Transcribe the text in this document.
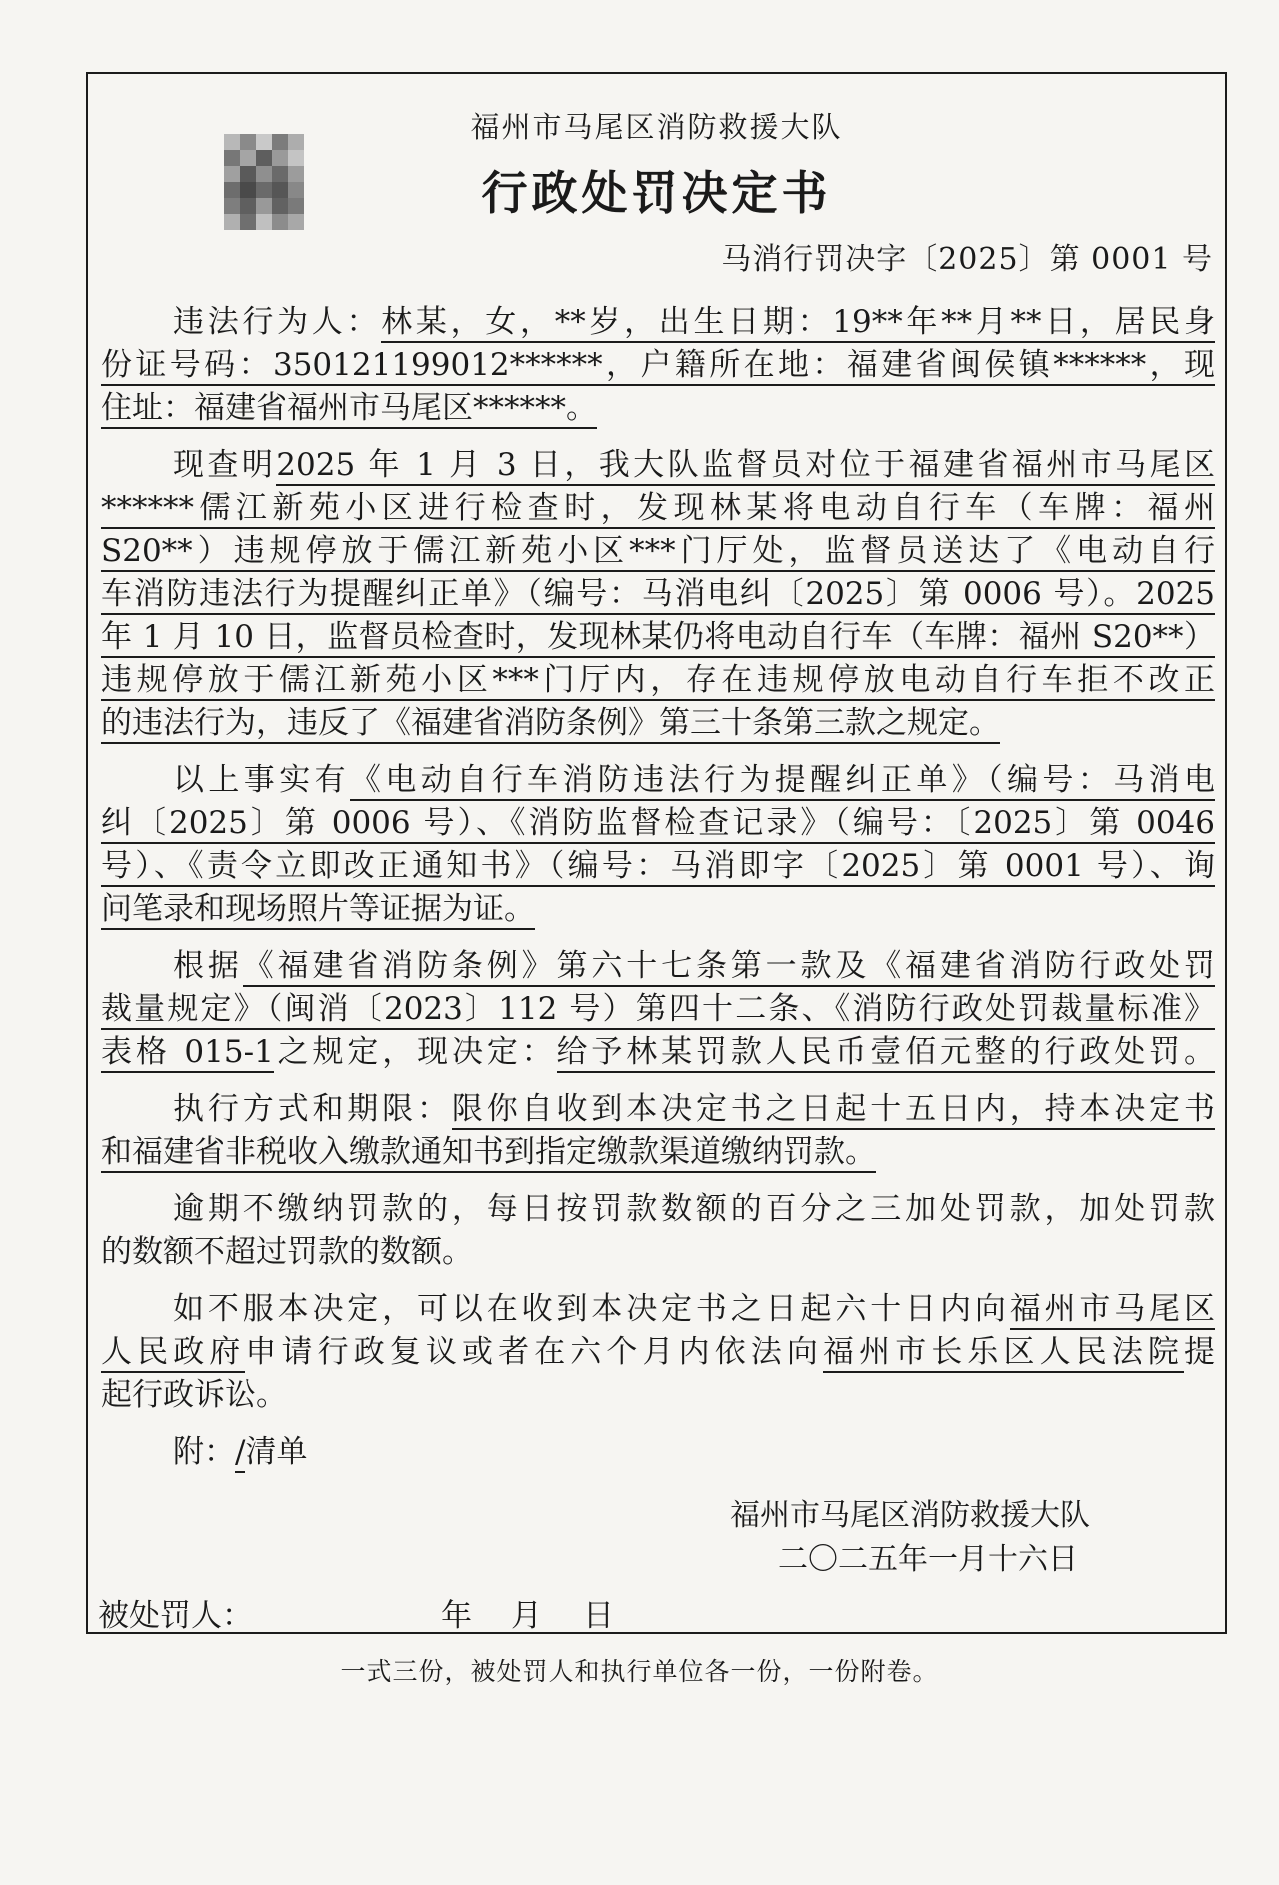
福州市马尾区消防救援大队
行政处罚决定书
马消行罚决字〔2025〕第 0001 号
违法行为人：林某，女，**岁，出生日期：19**年**月**日，居民身
份证号码：350121199012******，户籍所在地：福建省闽侯镇******，现
住址：福建省福州市马尾区******。
现查明2025 年 1 月 3 日，我大队监督员对位于福建省福州市马尾区
******儒江新苑小区进行检查时，发现林某将电动自行车（车牌：福州
S20**）违规停放于儒江新苑小区***门厅处，监督员送达了《电动自行
车消防违法行为提醒纠正单》（编号：马消电纠〔2025〕第 0006 号）。2025
年 1 月 10 日，监督员检查时，发现林某仍将电动自行车（车牌：福州 S20**）
违规停放于儒江新苑小区***门厅内，存在违规停放电动自行车拒不改正
的违法行为，违反了《福建省消防条例》第三十条第三款之规定。
以上事实有《电动自行车消防违法行为提醒纠正单》（编号：马消电
纠〔2025〕第 0006 号）、《消防监督检查记录》（编号：〔2025〕第 0046
号）、《责令立即改正通知书》（编号：马消即字〔2025〕第 0001 号）、询
问笔录和现场照片等证据为证。
根据《福建省消防条例》第六十七条第一款及《福建省消防行政处罚
裁量规定》（闽消〔2023〕112 号）第四十二条、《消防行政处罚裁量标准》
表格 015-1之规定，现决定：给予林某罚款人民币壹佰元整的行政处罚。
执行方式和期限：限你自收到本决定书之日起十五日内，持本决定书
和福建省非税收入缴款通知书到指定缴款渠道缴纳罚款。
逾期不缴纳罚款的，每日按罚款数额的百分之三加处罚款，加处罚款
的数额不超过罚款的数额。
如不服本决定，可以在收到本决定书之日起六十日内向福州市马尾区
人民政府申请行政复议或者在六个月内依法向福州市长乐区人民法院提
起行政诉讼。
附：/清单
福州市马尾区消防救援大队
二〇二五年一月十六日
被处罚人：	年 月 日
一式三份，被处罚人和执行单位各一份，一份附卷。
